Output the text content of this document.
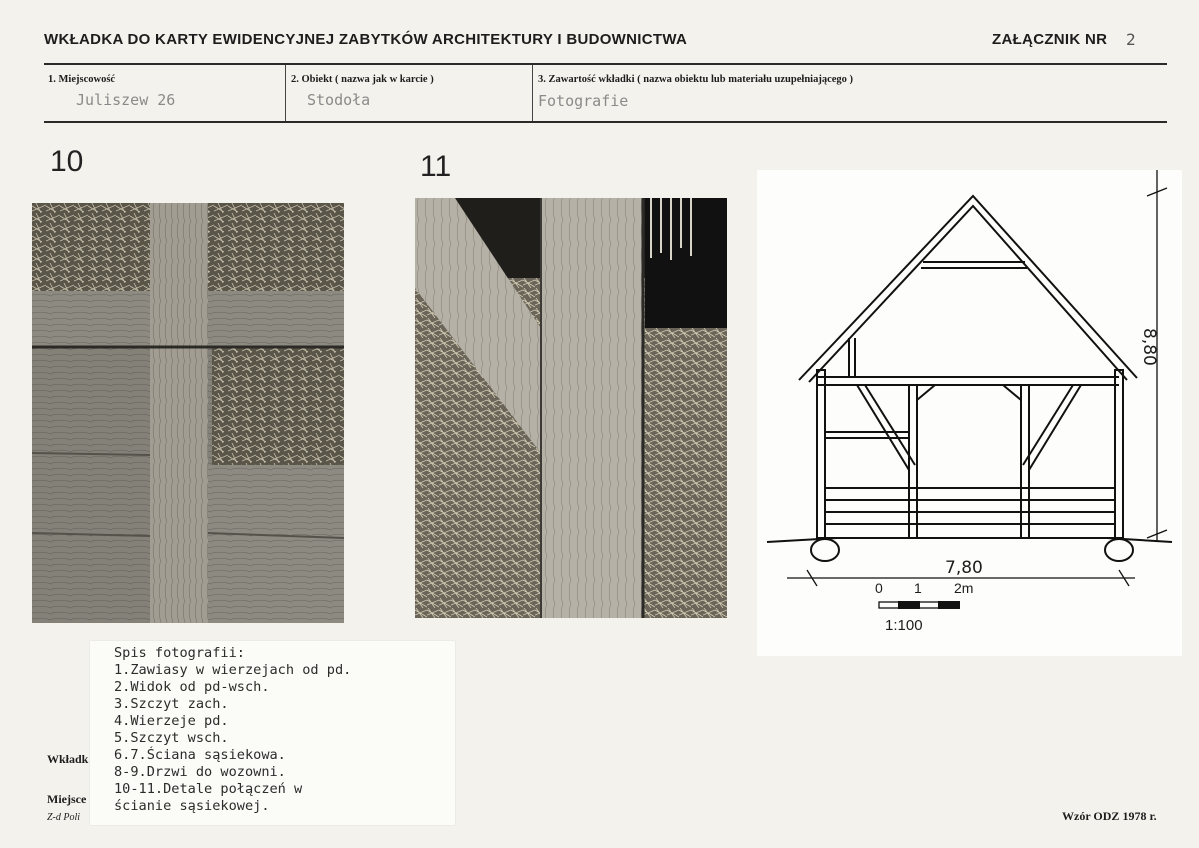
WKŁADKA DO KARTY EWIDENCYJNEJ ZABYTKÓW ARCHITEKTURY I BUDOWNICTWA	ZAŁĄCZNIK NR 2
1. Miejscowość
Juliszew 26
2. Obiekt ( nazwa jak w karcie )
Stodoła
3. Zawartość wkładki ( nazwa obiektu lub materiału uzupełniającego )
Fotografie
10	11
8,80
7,80
0 1 2m
1:100
Wkładk
Miejsce
Z-d Poli	Wzór ODZ 1978 r.
Spis fotografii:
1.Zawiasy w wierzejach od pd.
2.Widok od pd-wsch.
3.Szczyt zach.
4.Wierzeje pd.
5.Szczyt wsch.
6.7.Ściana sąsiekowa.
8-9.Drzwi do wozowni.
10-11.Detale połączeń w
ścianie sąsiekowej.
